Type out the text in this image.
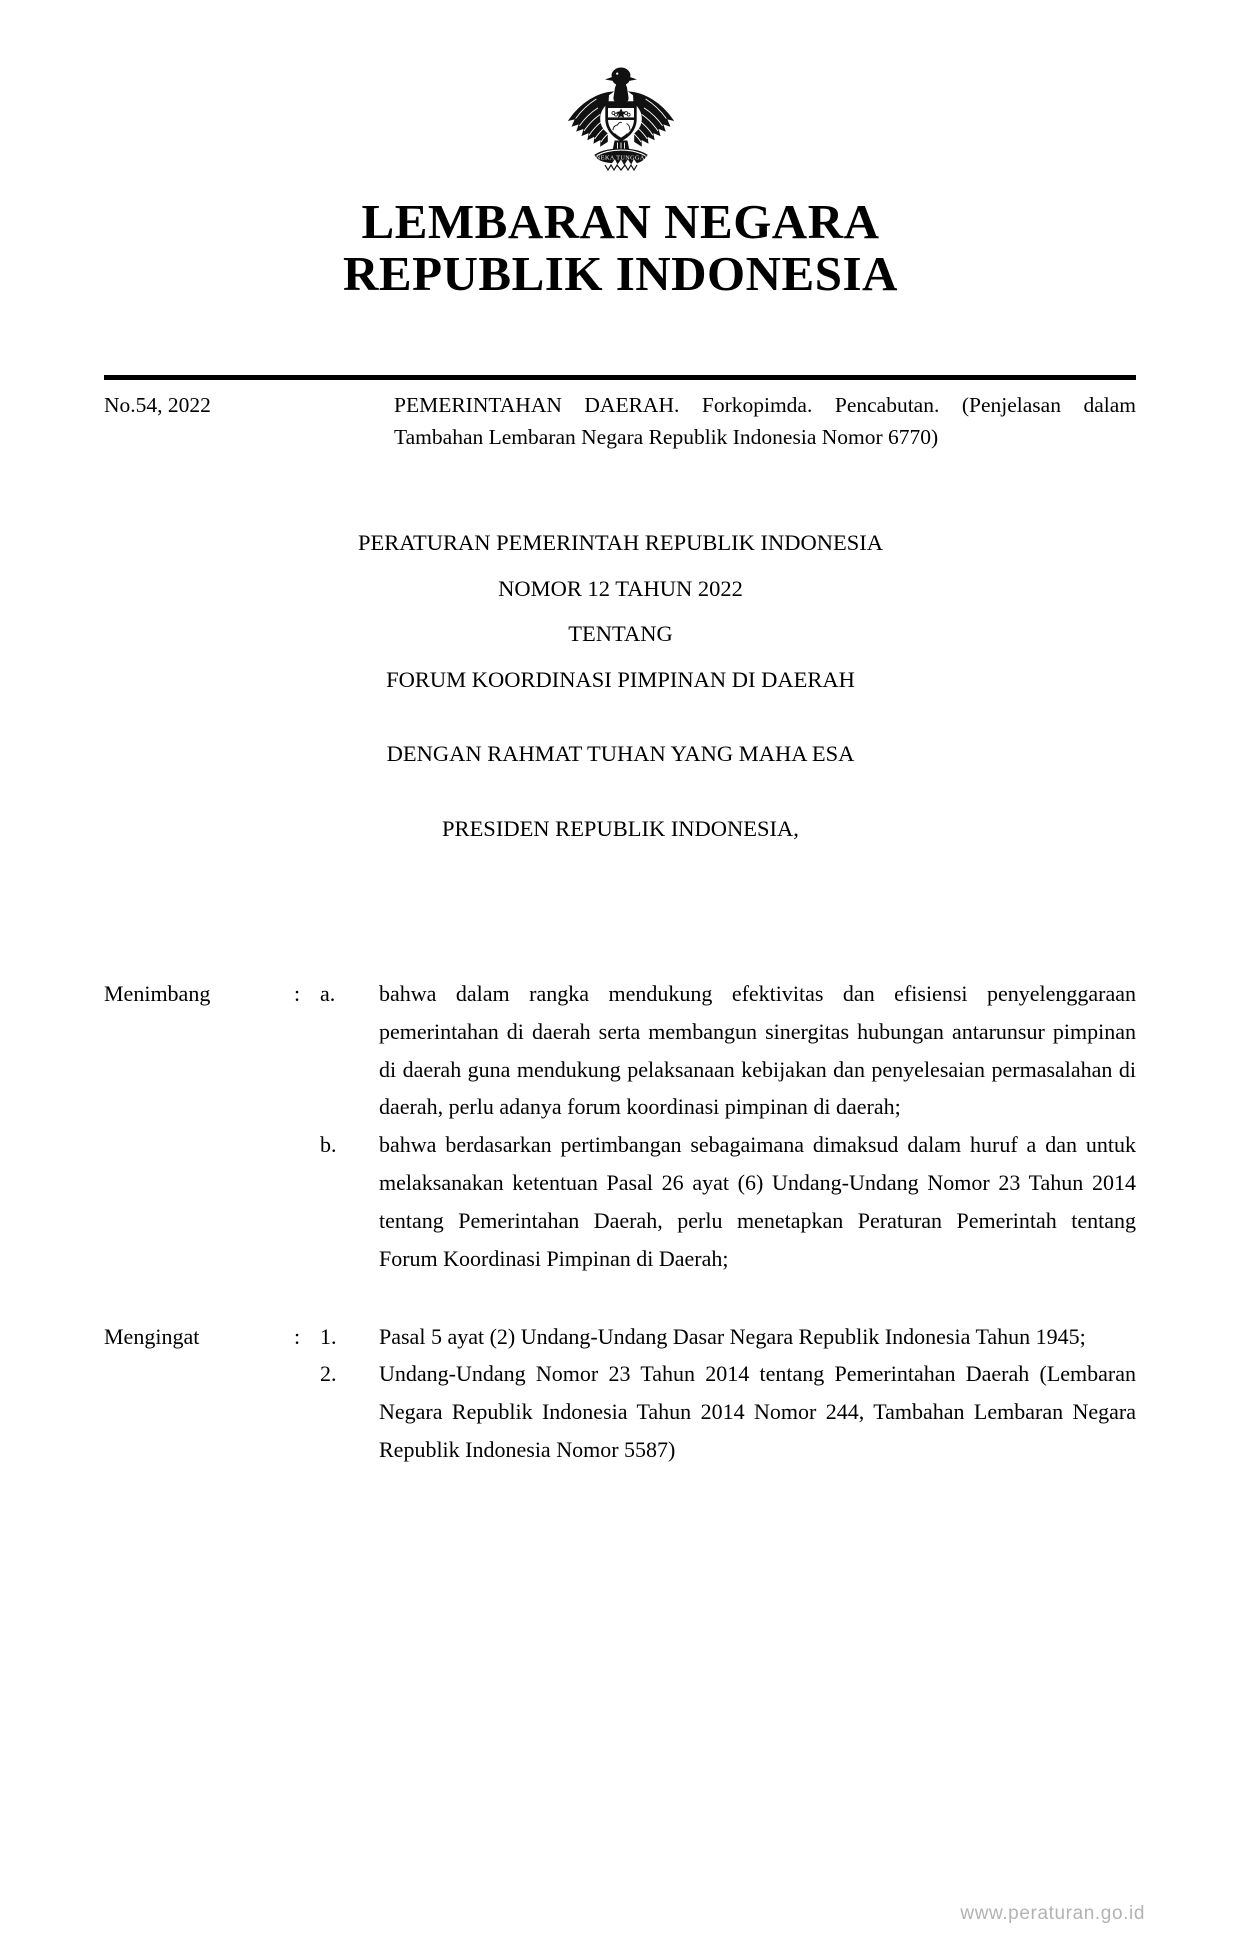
BHINNEKA TUNGGAL IKA
LEMBARAN NEGARA
REPUBLIK INDONESIA
No.54, 2022	PEMERINTAHAN DAERAH. Forkopimda. Pencabutan. (Penjelasan dalam Tambahan Lembaran Negara Republik Indonesia Nomor 6770)
PERATURAN PEMERINTAH REPUBLIK INDONESIA
NOMOR 12 TAHUN 2022
TENTANG
FORUM KOORDINASI PIMPINAN DI DAERAH
DENGAN RAHMAT TUHAN YANG MAHA ESA
PRESIDEN REPUBLIK INDONESIA,
Menimbang	: a.	bahwa dalam rangka mendukung efektivitas dan efisiensi penyelenggaraan pemerintahan di daerah serta membangun sinergitas hubungan antarunsur pimpinan di daerah guna mendukung pelaksanaan kebijakan dan penyelesaian permasalahan di daerah, perlu adanya forum koordinasi pimpinan di daerah;
b.	bahwa berdasarkan pertimbangan sebagaimana dimaksud dalam huruf a dan untuk melaksanakan ketentuan Pasal 26 ayat (6) Undang-Undang Nomor 23 Tahun 2014 tentang Pemerintahan Daerah, perlu menetapkan Peraturan Pemerintah tentang Forum Koordinasi Pimpinan di Daerah;
Mengingat	: 1.	Pasal 5 ayat (2) Undang-Undang Dasar Negara Republik Indonesia Tahun 1945;
2.	Undang-Undang Nomor 23 Tahun 2014 tentang Pemerintahan Daerah (Lembaran Negara Republik Indonesia Tahun 2014 Nomor 244, Tambahan Lembaran Negara Republik Indonesia Nomor 5587)
www.peraturan.go.id
